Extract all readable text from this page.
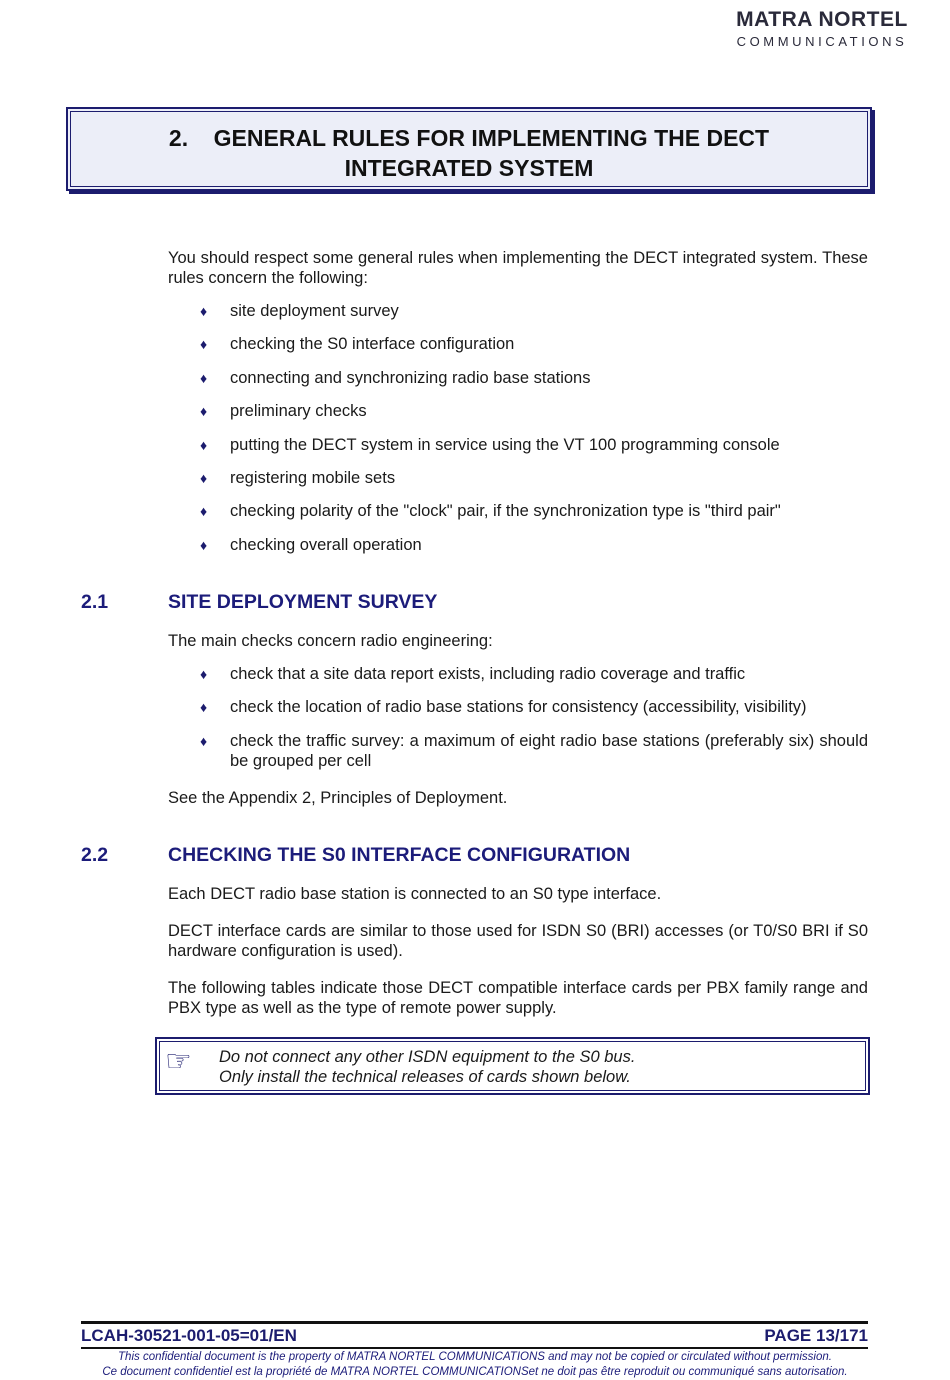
MATRA NORTEL
COMMUNICATIONS
2.    GENERAL RULES FOR IMPLEMENTING THE DECT
INTEGRATED SYSTEM

You should respect some general rules when implementing the DECT integrated system. These rules concern the following:

♦ site deployment survey
♦ checking the S0 interface configuration
♦ connecting and synchronizing radio base stations
♦ preliminary checks
♦ putting the DECT system in service using the VT 100 programming console
♦ registering mobile sets
♦ checking polarity of the "clock" pair, if the synchronization type is "third pair"
♦ checking overall operation
2.1	SITE DEPLOYMENT SURVEY

The main checks concern radio engineering:

♦ check that a site data report exists, including radio coverage and traffic
♦ check the location of radio base stations for consistency (accessibility, visibility)
♦ check the traffic survey: a maximum of eight radio base stations (preferably six) should be grouped per cell

See the Appendix 2, Principles of Deployment.

2.2	CHECKING THE S0 INTERFACE CONFIGURATION

Each DECT radio base station is connected to an S0 type interface.

DECT interface cards are similar to those used for ISDN S0 (BRI) accesses (or T0/S0 BRI if S0 hardware configuration is used).

The following tables indicate those DECT compatible interface cards per PBX family range and PBX type as well as the type of remote power supply.

☞ Do not connect any other ISDN equipment to the S0 bus.
Only install the technical releases of cards shown below.
LCAH-30521-001-05=01/EN	PAGE 13/171
This confidential document is the property of MATRA NORTEL COMMUNICATIONS and may not be copied or circulated without permission.
Ce document confidentiel est la propriété de MATRA NORTEL COMMUNICATIONSet ne doit pas être reproduit ou communiqué sans autorisation.
